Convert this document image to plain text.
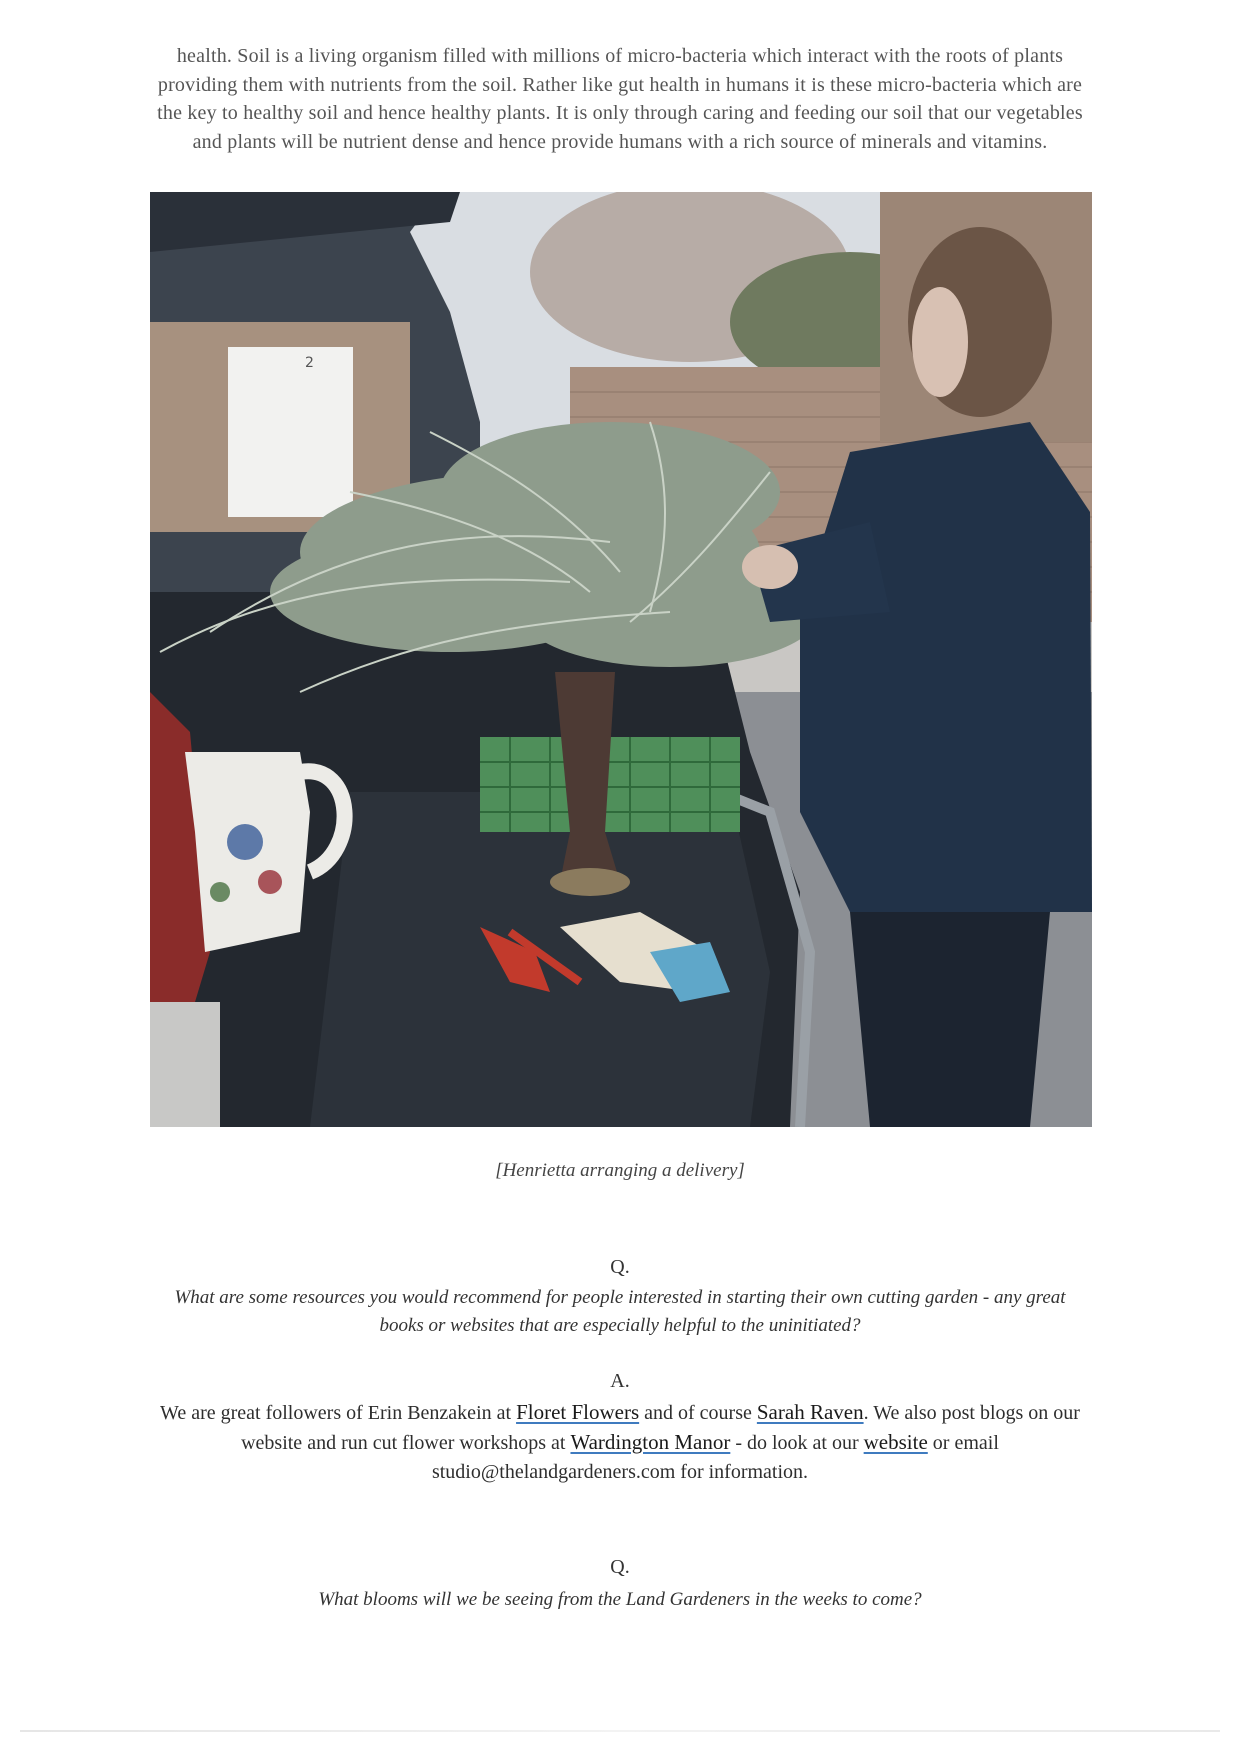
health. Soil is a living organism filled with millions of micro-bacteria which interact with the roots of plants providing them with nutrients from the soil. Rather like gut health in humans it is these micro-bacteria which are the key to healthy soil and hence healthy plants. It is only through caring and feeding our soil that our vegetables and plants will be nutrient dense and hence provide humans with a rich source of minerals and vitamins.

2
[Henrietta arranging a delivery]
Q.
What are some resources you would recommend for people interested in starting their own cutting garden - any great books or websites that are especially helpful to the uninitiated?
A.
We are great followers of Erin Benzakein at Floret Flowers and of course Sarah Raven. We also post blogs on our website and run cut flower workshops at Wardington Manor - do look at our website or email studio@thelandgardeners.com for information.
Q.
What blooms will we be seeing from the Land Gardeners in the weeks to come?
